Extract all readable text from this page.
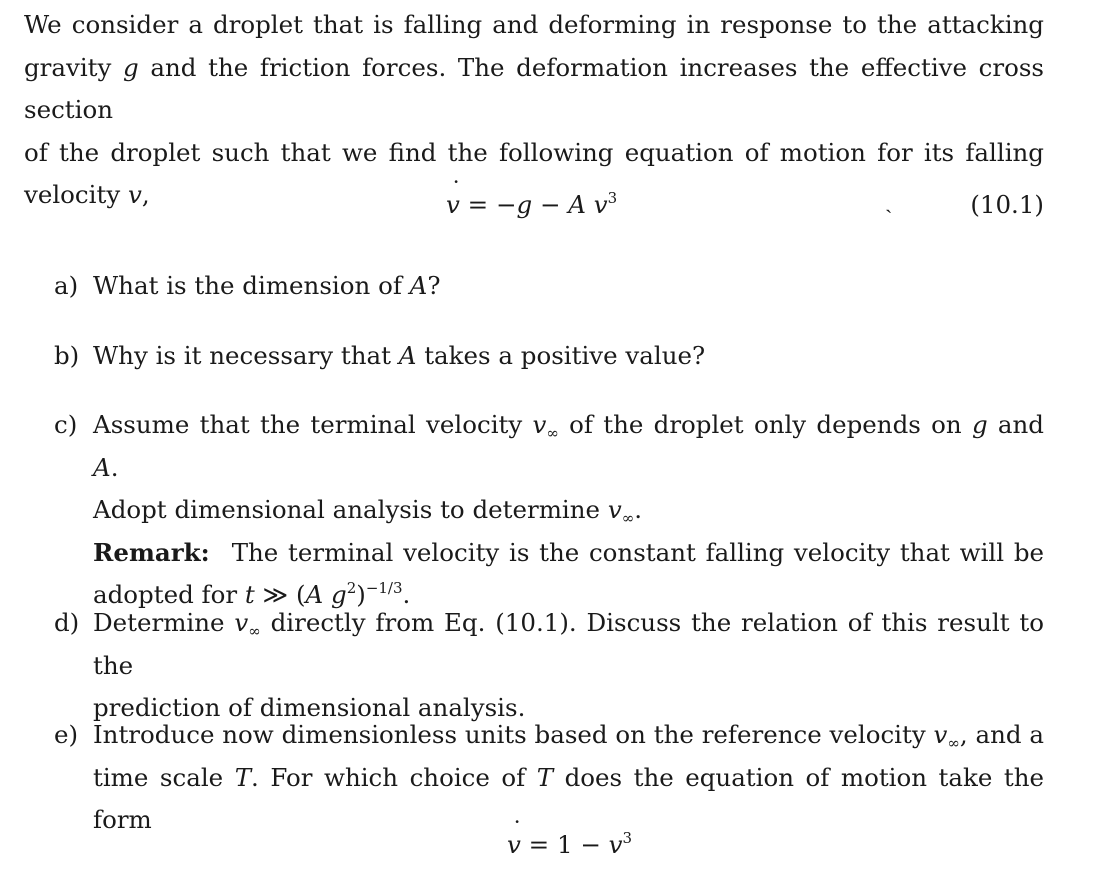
We consider a droplet that is falling and deforming in response to the attacking
gravity g and the friction forces. The deformation increases the effective cross section
of the droplet such that we find the following equation of motion for its falling
velocity v,

˙	v = −g − A $v^3$	ˎ	(10.1)
a) What is the dimension of A?
b) Why is it necessary that A takes a positive value?
c) Assume that the terminal velocity $v_\infty$ of the droplet only depends on g and A.
Adopt dimensional analysis to determine $v_\infty$.
Remark: The terminal velocity is the constant falling velocity that will be
adopted for t ≫ (A $g^2)^{-1/3}$.
d) Determine $v_\infty$ directly from Eq. (10.1). Discuss the relation of this result to the
prediction of dimensional analysis.
e) Introduce now dimensionless units based on the reference velocity $v_\infty$, and a
time scale T. For which choice of T does the equation of motion take the form
˙ $v = 1 - v^3$
